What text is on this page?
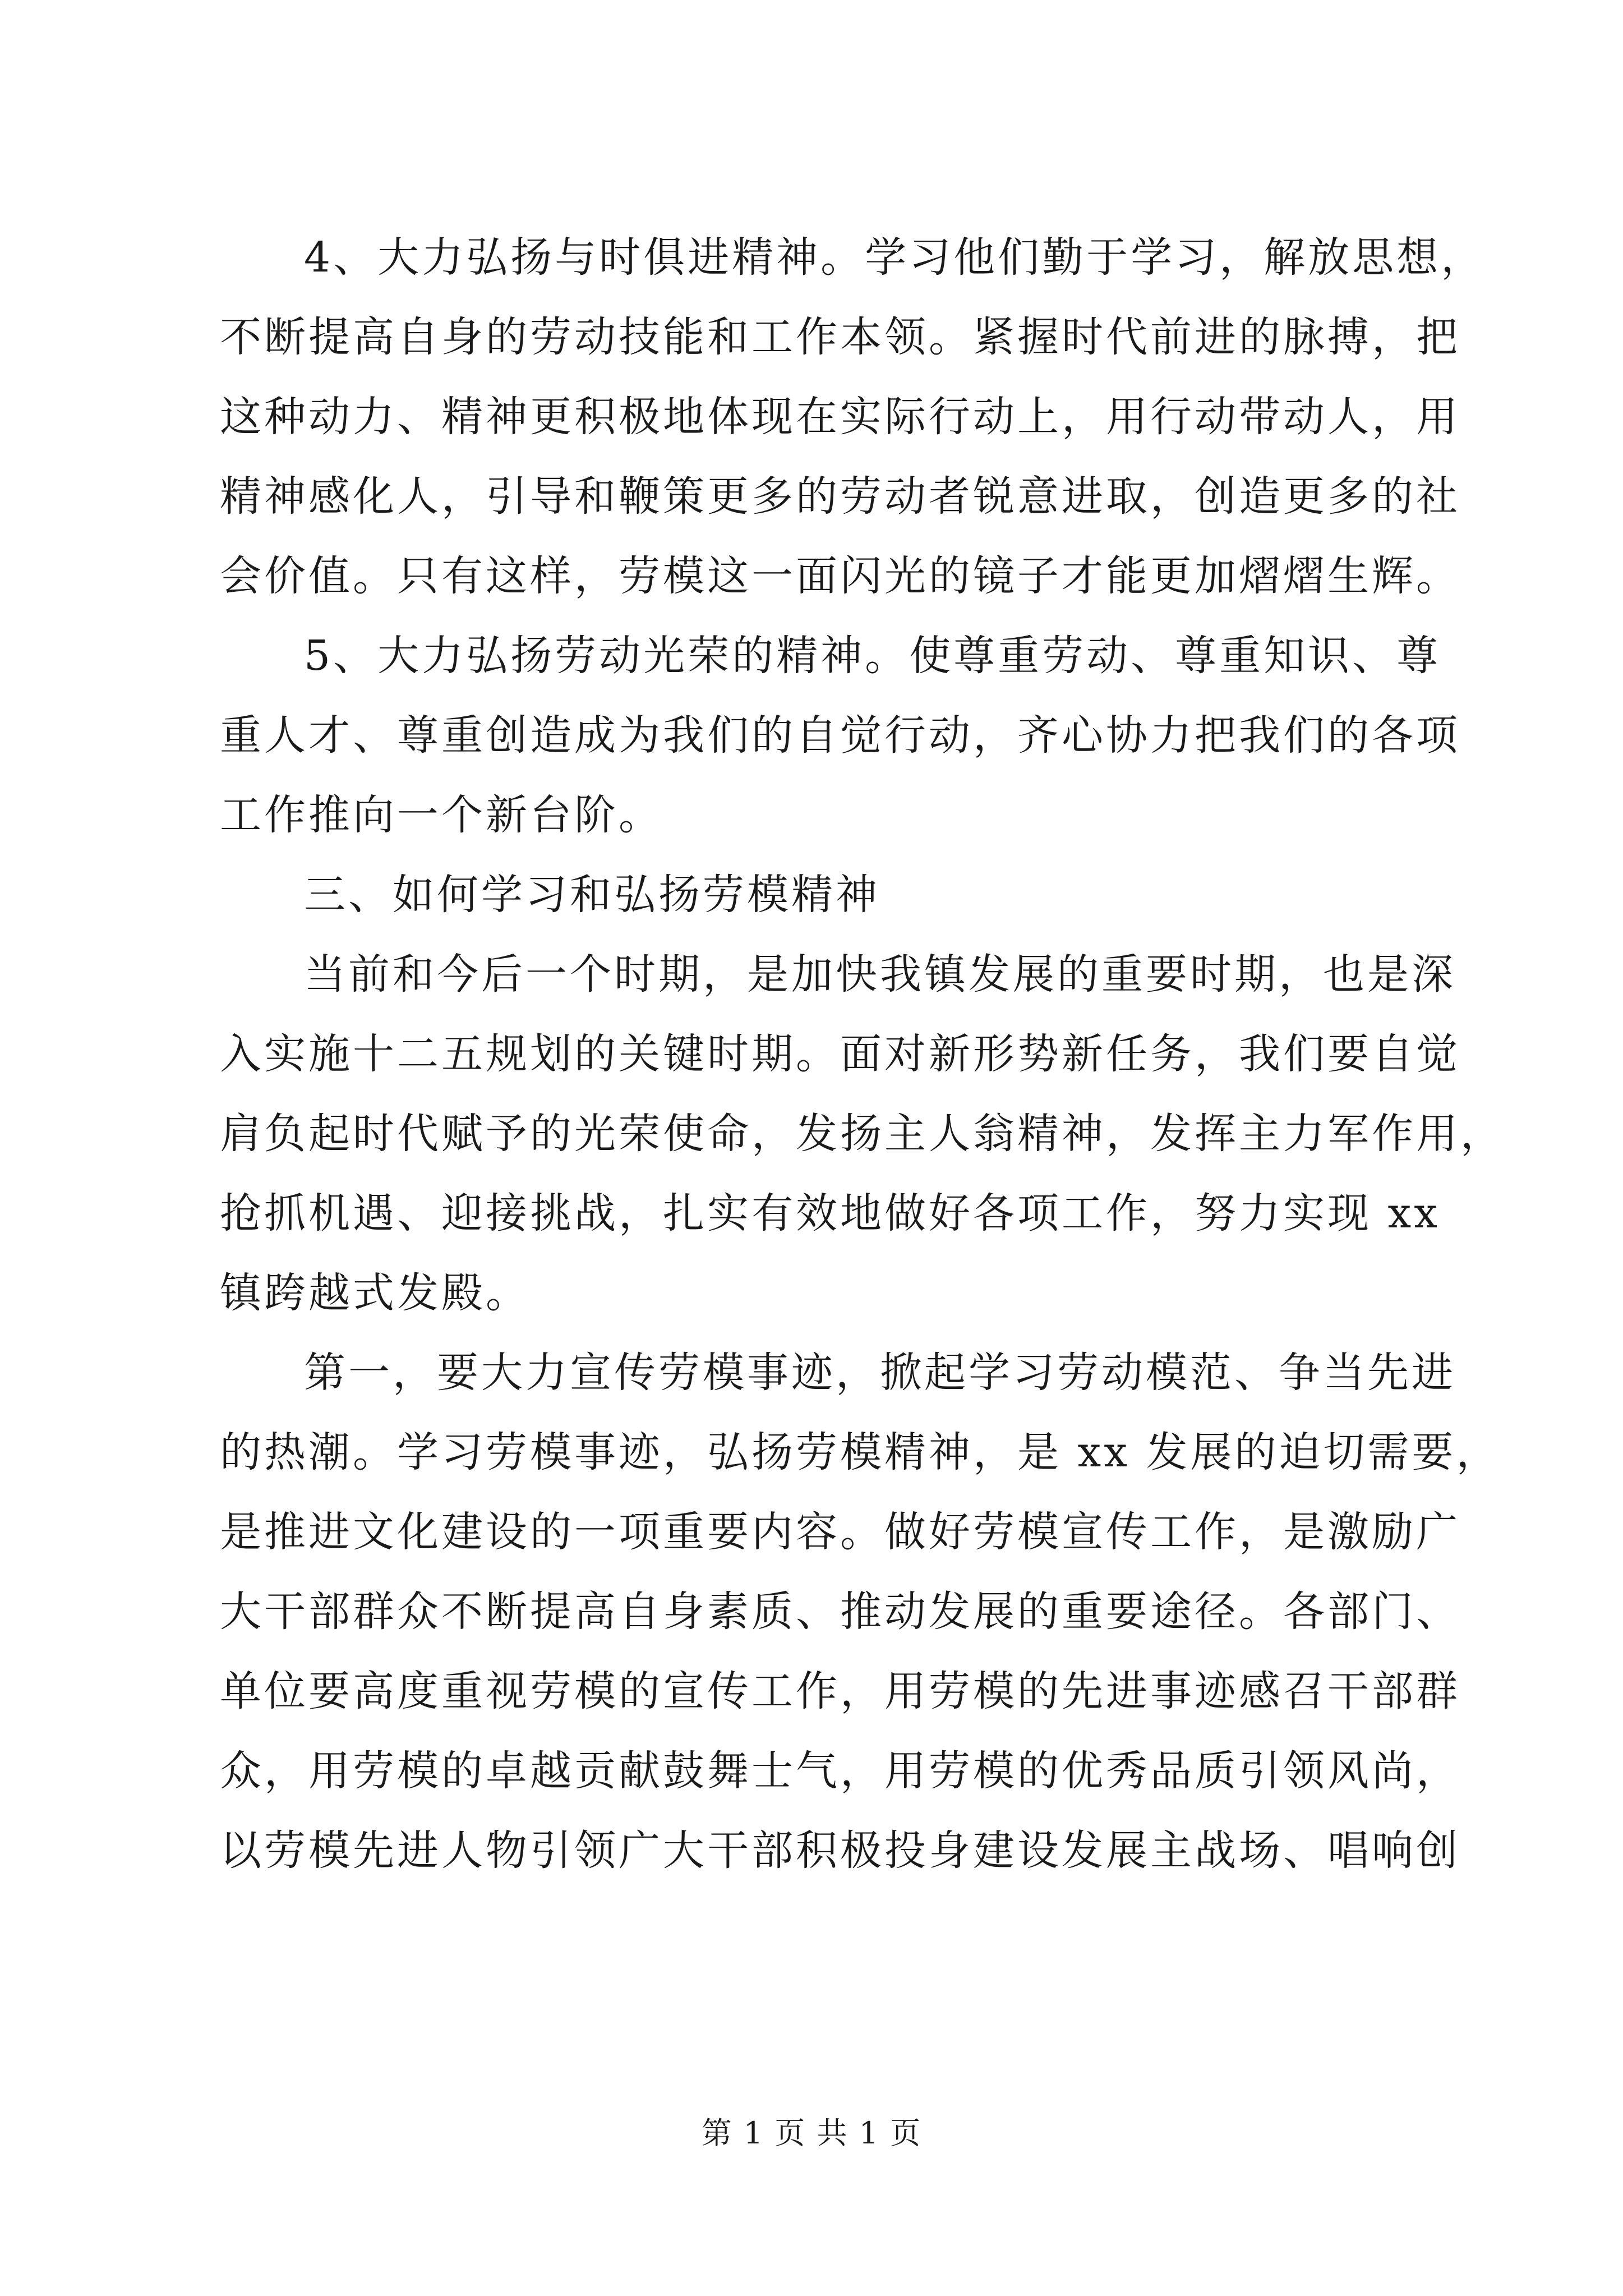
4、大力弘扬与时俱进精神。学习他们勤于学习，解放思想，
不断提高自身的劳动技能和工作本领。紧握时代前进的脉搏，把
这种动力、精神更积极地体现在实际行动上，用行动带动人，用
精神感化人，引导和鞭策更多的劳动者锐意进取，创造更多的社
会价值。只有这样，劳模这一面闪光的镜子才能更加熠熠生辉。
5、大力弘扬劳动光荣的精神。使尊重劳动、尊重知识、尊
重人才、尊重创造成为我们的自觉行动，齐心协力把我们的各项
工作推向一个新台阶。
三、如何学习和弘扬劳模精神
当前和今后一个时期，是加快我镇发展的重要时期，也是深
入实施十二五规划的关键时期。面对新形势新任务，我们要自觉
肩负起时代赋予的光荣使命，发扬主人翁精神，发挥主力军作用，
抢抓机遇、迎接挑战，扎实有效地做好各项工作，努力实现 xx
镇跨越式发殿。
第一，要大力宣传劳模事迹，掀起学习劳动模范、争当先进
的热潮。学习劳模事迹，弘扬劳模精神，是 xx 发展的迫切需要，
是推进文化建设的一项重要内容。做好劳模宣传工作，是激励广
大干部群众不断提高自身素质、推动发展的重要途径。各部门、
单位要高度重视劳模的宣传工作，用劳模的先进事迹感召干部群
众，用劳模的卓越贡献鼓舞士气，用劳模的优秀品质引领风尚，
以劳模先进人物引领广大干部积极投身建设发展主战场、唱响创
第 1 页 共 1 页
